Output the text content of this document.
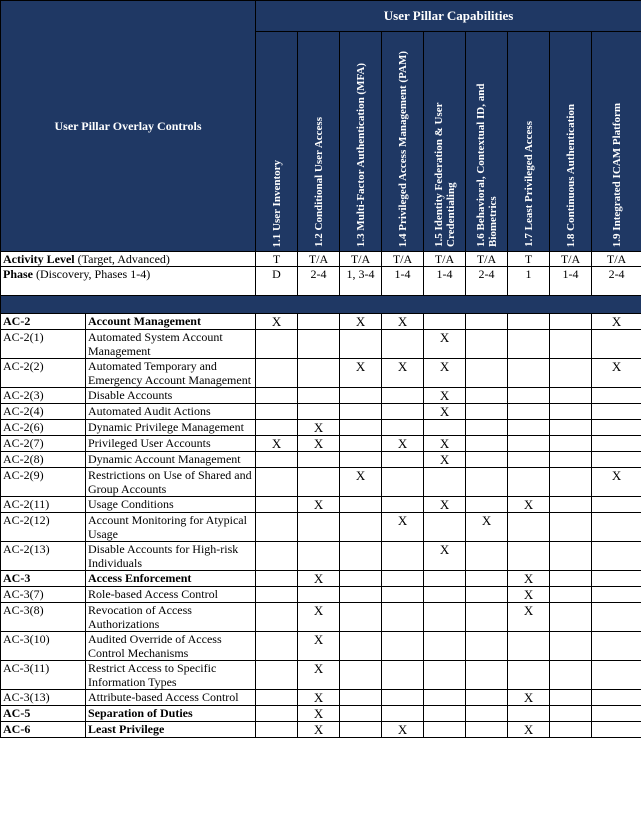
User Pillar Overlay Controls		User Pillar Capabilities								

		1.1 User Inventory	1.2 Conditional User Access	1.3 Multi-Factor Authentication (MFA)	1.4 Privileged Access Management (PAM)	1.5 Identity Federation & User Credentialing	1.6 Behavioral, Contextual ID, and Biometrics	1.7 Least Privileged Access	1.8 Continuous Authentication	1.9 Integrated ICAM Platform

Activity Level (Target, Advanced)		T	T/A	T/A	T/A	T/A	T/A	T	T/A	T/A
Phase (Discovery, Phases 1-4)		D	2-4	1, 3-4	1-4	1-4	2-4	1	1-4	2-4

AC-2	Account Management	X		X	X					X
AC-2(1)	Automated System Account Management					X				
AC-2(2)	Automated Temporary and Emergency Account Management			X	X	X				X
AC-2(3)	Disable Accounts					X				
AC-2(4)	Automated Audit Actions					X				
AC-2(6)	Dynamic Privilege Management		X							
AC-2(7)	Privileged User Accounts	X	X		X	X				
AC-2(8)	Dynamic Account Management					X				
AC-2(9)	Restrictions on Use of Shared and Group Accounts			X						X
AC-2(11)	Usage Conditions		X			X		X		
AC-2(12)	Account Monitoring for Atypical Usage				X		X			
AC-2(13)	Disable Accounts for High-risk Individuals					X				
AC-3	Access Enforcement		X					X		
AC-3(7)	Role-based Access Control							X		
AC-3(8)	Revocation of Access Authorizations		X					X		
AC-3(10)	Audited Override of Access Control Mechanisms		X							
AC-3(11)	Restrict Access to Specific Information Types		X							
AC-3(13)	Attribute-based Access Control		X					X		
AC-5	Separation of Duties		X							
AC-6	Least Privilege		X		X			X		
